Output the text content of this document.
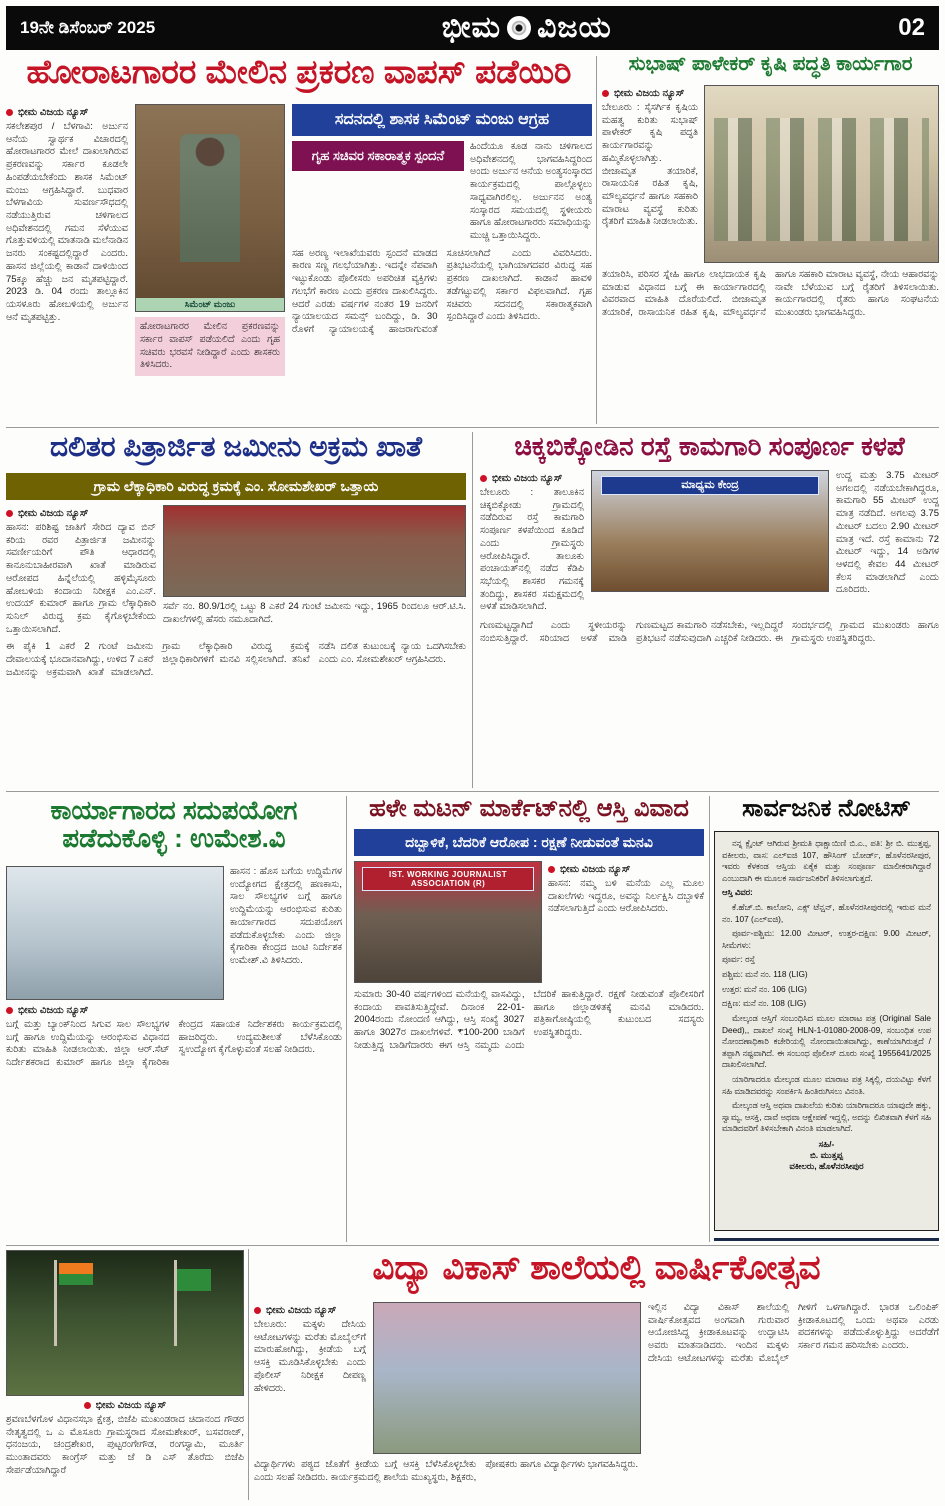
19ನೇ ಡಿಸೆಂಬರ್ 2025	ಭೀಮ ವಿಜಯ	02
ಹೋರಾಟಗಾರರ ಮೇಲಿನ ಪ್ರಕರಣ ವಾಪಸ್ ಪಡೆಯಿರಿ
ಭೀಮ ವಿಜಯ ನ್ಯೂಸ್
ಸಕಲೇಶಪುರ / ಬೆಳಗಾವಿ: ಅರ್ಜುನ ಆನೆಯ ಸ್ವಾರ್ಥಕ ವಿಚಾರದಲ್ಲಿ ಹೋರಾಟಗಾರರ ಮೇಲೆ ದಾಖಲಾಗಿರುವ ಪ್ರಕರಣವನ್ನು ಸರ್ಕಾರ ಕೂಡಲೇ ಹಿಂಪಡೆಯಬೇಕೆಂದು ಶಾಸಕ ಸಿಮೆಂಟ್ ಮಂಜು ಆಗ್ರಹಿಸಿದ್ದಾರೆ. ಬುಧವಾರ ಬೆಳಗಾವಿಯ ಸುವರ್ಣಸೌಧದಲ್ಲಿ ನಡೆಯುತ್ತಿರುವ ಚಳಿಗಾಲದ ಅಧಿವೇಶನದಲ್ಲಿ ಗಮನ ಸೆಳೆಯುವ ಗೊತ್ತುವಳಿಯಲ್ಲಿ ಮಾತನಾಡಿ ಮಲೆನಾಡಿನ ಜನರು ಸಂಕಷ್ಟದಲ್ಲಿದ್ದಾರೆ ಎಂದರು. ಹಾಸನ ಜಿಲ್ಲೆಯಲ್ಲಿ ಕಾಡಾನೆ ದಾಳಿಯಿಂದ 75ಕ್ಕೂ ಹೆಚ್ಚು ಜನ ಮೃತಪಟ್ಟಿದ್ದಾರೆ. 2023 ಡಿ. 04 ರಂದು ತಾಲ್ಲೂಕಿನ ಯಸಳೂರು ಹೋಬಳಿಯಲ್ಲಿ ಅರ್ಜುನ ಆನೆ ಮೃತಪಟ್ಟಿತ್ತು.
ಸಿಮೆಂಟ್ ಮಂಜು
ಹೋರಾಟಗಾರರ ಮೇಲಿನ ಪ್ರಕರಣವನ್ನು ಸರ್ಕಾರ ವಾಪಸ್ ಪಡೆಯಲಿದೆ ಎಂದು ಗೃಹ ಸಚಿವರು ಭರವಸೆ ನೀಡಿದ್ದಾರೆ ಎಂದು ಶಾಸಕರು ತಿಳಿಸಿದರು.
ಸದನದಲ್ಲಿ ಶಾಸಕ ಸಿಮೆಂಟ್ ಮಂಜು ಆಗ್ರಹ
ಗೃಹ ಸಚಿವರ ಸಕಾರಾತ್ಮಕ ಸ್ಪಂದನೆ
ಹಿಂದೆಯೂ ಕೂಡ ನಾನು ಚಳಿಗಾಲದ ಅಧಿವೇಶನದಲ್ಲಿ ಭಾಗವಹಿಸಿದ್ದರಿಂದ ಅಂದು ಅರ್ಜುನ ಆನೆಯ ಅಂತ್ಯಸಂಸ್ಕಾರದ ಕಾರ್ಯಕ್ರಮದಲ್ಲಿ ಪಾಲ್ಗೊಳ್ಳಲು ಸಾಧ್ಯವಾಗಿರಲಿಲ್ಲ. ಅರ್ಜುನನ ಅಂತ್ಯ ಸಂಸ್ಕಾರದ ಸಮಯದಲ್ಲಿ ಸ್ಥಳೀಯರು ಹಾಗೂ ಹೋರಾಟಗಾರರು ಸಮಾಧಿಯನ್ನು ಮುಚ್ಚಿ ಒತ್ತಾಯಿಸಿದ್ದರು.
ಸಹ ಅರಣ್ಯ ಇಲಾಖೆಯವರು ಸ್ಪಂದನೆ ಮಾಡದ ಕಾರಣ ಸಣ್ಣ ಗಲಭೆಯಾಗಿತ್ತು. ಇದನ್ನೇ ನೆಪವಾಗಿ ಇಟ್ಟುಕೊಂಡು ಪೊಲೀಸರು ಅಪರಿಚಿತ ವ್ಯಕ್ತಿಗಳು ಗಲಭೆಗೆ ಕಾರಣ ಎಂದು ಪ್ರಕರಣ ದಾಖಲಿಸಿದ್ದರು. ಆದರೆ ಎರಡು ವರ್ಷಗಳ ನಂತರ 19 ಜನರಿಗೆ ನ್ಯಾಯಾಲಯದ ಸಮನ್ಸ್ ಬಂದಿದ್ದು, ಡಿ. 30 ರೊಳಗೆ ನ್ಯಾಯಾಲಯಕ್ಕೆ ಹಾಜರಾಗುವಂತೆ ಸೂಚಿಸಲಾಗಿದೆ ಎಂದು ವಿವರಿಸಿದರು. ಪ್ರತಿಭಟನೆಯಲ್ಲಿ ಭಾಗಿಯಾಗದವರ ವಿರುದ್ಧ ಸಹ ಪ್ರಕರಣ ದಾಖಲಾಗಿದೆ. ಕಾಡಾನೆ ಹಾವಳಿ ತಡೆಗಟ್ಟುವಲ್ಲಿ ಸರ್ಕಾರ ವಿಫಲವಾಗಿದೆ. ಗೃಹ ಸಚಿವರು ಸದನದಲ್ಲಿ ಸಕಾರಾತ್ಮಕವಾಗಿ ಸ್ಪಂದಿಸಿದ್ದಾರೆ ಎಂದು ತಿಳಿಸಿದರು.
ಸುಭಾಷ್ ಪಾಳೇಕರ್ ಕೃಷಿ ಪದ್ಧತಿ ಕಾರ್ಯಗಾರ
ಭೀಮ ವಿಜಯ ನ್ಯೂಸ್
ಬೇಲೂರು : ಸೈಸರ್ಗಿಕ ಕೃಷಿಯ ಮಹತ್ವ ಕುರಿತು ಸುಭಾಷ್ ಪಾಳೇಕರ್ ಕೃಷಿ ಪದ್ಧತಿ ಕಾರ್ಯಗಾರವನ್ನು ಹಮ್ಮಿಕೊಳ್ಳಲಾಗಿತ್ತು. ಬೀಜಾಮೃತ ತಯಾರಿಕೆ, ರಾಸಾಯನಿಕ ರಹಿತ ಕೃಷಿ, ಮೌಲ್ಯವರ್ಧನೆ ಹಾಗೂ ಸಹಕಾರಿ ಮಾರಾಟ ವ್ಯವಸ್ಥೆ ಕುರಿತು ರೈತರಿಗೆ ಮಾಹಿತಿ ನೀಡಲಾಯಿತು.
ತಯಾರಿಸಿ, ಪರಿಸರ ಸ್ನೇಹಿ ಹಾಗೂ ಲಾಭದಾಯಕ ಕೃಷಿ ಮಾಡುವ ವಿಧಾನದ ಬಗ್ಗೆ ಈ ಕಾರ್ಯಾಗಾರದಲ್ಲಿ ವಿವರವಾದ ಮಾಹಿತಿ ದೊರೆಯಲಿದೆ. ಬೀಜಾಮೃತ ತಯಾರಿಕೆ, ರಾಸಾಯನಿಕ ರಹಿತ ಕೃಷಿ, ಮೌಲ್ಯವರ್ಧನೆ ಹಾಗೂ ಸಹಕಾರಿ ಮಾರಾಟ ವ್ಯವಸ್ಥೆ, ನೇಯ ಆಹಾರವನ್ನು ನಾವೇ ಬೆಳೆಯುವ ಬಗ್ಗೆ ರೈತರಿಗೆ ತಿಳಿಸಲಾಯಿತು. ಕಾರ್ಯಗಾರದಲ್ಲಿ ರೈತರು ಹಾಗೂ ಸಂಘಟನೆಯ ಮುಖಂಡರು ಭಾಗವಹಿಸಿದ್ದರು.
ದಲಿತರ ಪಿತ್ರಾರ್ಜಿತ ಜಮೀನು ಅಕ್ರಮ ಖಾತೆ
ಗ್ರಾಮ ಲೆಕ್ಕಾಧಿಕಾರಿ ವಿರುದ್ಧ ಕ್ರಮಕ್ಕೆ ಎಂ. ಸೋಮಶೇಖರ್ ಒತ್ತಾಯ
ಭೀಮ ವಿಜಯ ನ್ಯೂಸ್
ಹಾಸನ: ಪರಿಶಿಷ್ಟ ಜಾತಿಗೆ ಸೇರಿದ ದ್ಯಾವ ಬಿನ್ ಕರಿಯ ರವರ ಪಿತ್ರಾರ್ಜಿತ ಜಮೀನನ್ನು ಸವರ್ಣೀಯರಿಗೆ ಪೌತಿ ಆಧಾರದಲ್ಲಿ ಕಾನೂನುಬಾಹೀರವಾಗಿ ಖಾತೆ ಮಾಡಿರುವ ಆರೋಪದ ಹಿನ್ನೆಲೆಯಲ್ಲಿ ಹಳ್ಳಿಮೈಸೂರು ಹೋಬಳಿಯ ಕಂದಾಯ ನಿರೀಕ್ಷಕ ಎಂ.ಎನ್. ಉದಯ್ ಕುಮಾರ್ ಹಾಗೂ ಗ್ರಾಮ ಲೆಕ್ಕಾಧಿಕಾರಿ ಸುನಿಲ್ ವಿರುದ್ಧ ಕ್ರಮ ಕೈಗೊಳ್ಳಬೇಕೆಂದು ಒತ್ತಾಯಿಸಲಾಗಿದೆ.
ಸರ್ವೆ ನಂ. 80.9/1ರಲ್ಲಿ ಒಟ್ಟು 8 ಎಕರೆ 24 ಗುಂಟೆ ಜಮೀನು ಇದ್ದು, 1965 ರಿಂದಲೂ ಆರ್.ಟಿ.ಸಿ. ದಾಖಲೆಗಳಲ್ಲಿ ಹೆಸರು ನಮೂದಾಗಿದೆ.
ಈ ಪೈಕಿ 1 ಎಕರೆ 2 ಗುಂಟೆ ಜಮೀನು ದೇವಾಲಯಕ್ಕೆ ಭೂದಾನವಾಗಿದ್ದು, ಉಳಿದ 7 ಎಕರೆ ಜಮೀನನ್ನು ಅಕ್ರಮವಾಗಿ ಖಾತೆ ಮಾಡಲಾಗಿದೆ. ಗ್ರಾಮ ಲೆಕ್ಕಾಧಿಕಾರಿ ವಿರುದ್ಧ ಕ್ರಮಕ್ಕೆ ಜಿಲ್ಲಾಧಿಕಾರಿಗಳಿಗೆ ಮನವಿ ಸಲ್ಲಿಸಲಾಗಿದೆ. ತನಿಖೆ ನಡೆಸಿ ದಲಿತ ಕುಟುಂಬಕ್ಕೆ ನ್ಯಾಯ ಒದಗಿಸಬೇಕು ಎಂದು ಎಂ. ಸೋಮಶೇಖರ್ ಆಗ್ರಹಿಸಿದರು.
ಚಿಕ್ಕಬಿಕ್ಕೋಡಿನ ರಸ್ತೆ ಕಾಮಗಾರಿ ಸಂಪೂರ್ಣ ಕಳಪೆ
ಭೀಮ ವಿಜಯ ನ್ಯೂಸ್
ಬೇಲೂರು : ತಾಲೂಕಿನ ಚಿಕ್ಕಬಿಕ್ಕೋಡು ಗ್ರಾಮದಲ್ಲಿ ನಡೆದಿರುವ ರಸ್ತೆ ಕಾಮಗಾರಿ ಸಂಪೂರ್ಣ ಕಳಪೆಯಿಂದ ಕೂಡಿದೆ ಎಂದು ಗ್ರಾಮಸ್ಥರು ಆರೋಪಿಸಿದ್ದಾರೆ. ತಾಲೂಕು ಪಂಚಾಯತ್‌ನಲ್ಲಿ ನಡೆದ ಕೆಡಿಪಿ ಸಭೆಯಲ್ಲಿ ಶಾಸಕರ ಗಮನಕ್ಕೆ ತಂದಿದ್ದು, ಶಾಸಕರ ಸಮಕ್ಷಮದಲ್ಲಿ ಅಳತೆ ಮಾಡಿಸಲಾಗಿದೆ.
ಮಾಧ್ಯಮ ಕೇಂದ್ರ
ಉದ್ದ ಮತ್ತು 3.75 ಮೀಟರ್ ಅಗಲದಲ್ಲಿ ನಡೆಯಬೇಕಾಗಿದ್ದರೂ, ಕಾಮಗಾರಿ 55 ಮೀಟರ್ ಉದ್ದ ಮಾತ್ರ ನಡೆದಿದೆ. ಅಗಲವು 3.75 ಮೀಟರ್ ಬದಲು 2.90 ಮೀಟರ್ ಮಾತ್ರ ಇದೆ. ರಸ್ತೆ ಕಾಮಾನು 72 ಮೀಟರ್ ಇದ್ದು, 14 ಅಡಿಗಳ ಆಳದಲ್ಲಿ ಕೇವಲ 44 ಮೀಟರ್ ಕೆಲಸ ಮಾಡಲಾಗಿದೆ ಎಂದು ದೂರಿದರು.
ಗುಣಮಟ್ಟದ್ದಾಗಿದೆ ಎಂದು ಸ್ಥಳೀಯರನ್ನು ನಂಬಿಸುತ್ತಿದ್ದಾರೆ. ಸರಿಯಾದ ಅಳತೆ ಮಾಡಿ ಗುಣಮಟ್ಟದ ಕಾಮಗಾರಿ ನಡೆಸಬೇಕು, ಇಲ್ಲದಿದ್ದರೆ ಪ್ರತಿಭಟನೆ ನಡೆಸುವುದಾಗಿ ಎಚ್ಚರಿಕೆ ನೀಡಿದರು. ಈ ಸಂದರ್ಭದಲ್ಲಿ ಗ್ರಾಮದ ಮುಖಂಡರು ಹಾಗೂ ಗ್ರಾಮಸ್ಥರು ಉಪಸ್ಥಿತರಿದ್ದರು.
ಕಾರ್ಯಾಗಾರದ ಸದುಪಯೋಗ ಪಡೆದುಕೊಳ್ಳಿ : ಉಮೇಶ.ವಿ
ಹಾಸನ : ಹೊಸ ಬಗೆಯ ಉದ್ದಿಮೆಗಳ ಉದ್ಯೋಗದ ಕ್ಷೇತ್ರದಲ್ಲಿ ಹಣಕಾಸು, ಸಾಲ ಸೌಲಭ್ಯಗಳ ಬಗ್ಗೆ ಹಾಗೂ ಉದ್ದಿಮೆಯನ್ನು ಆರಂಭಿಸುವ ಕುರಿತು ಕಾರ್ಯಾಗಾರದ ಸದುಪಯೋಗ ಪಡೆದುಕೊಳ್ಳಬೇಕು ಎಂದು ಜಿಲ್ಲಾ ಕೈಗಾರಿಕಾ ಕೇಂದ್ರದ ಜಂಟಿ ನಿರ್ದೇಶಕ ಉಮೇಶ್.ವಿ ತಿಳಿಸಿದರು.
ಭೀಮ ವಿಜಯ ನ್ಯೂಸ್
ಬಗ್ಗೆ ಮತ್ತು ಬ್ಯಾಂಕ್‌ನಿಂದ ಸಿಗುವ ಸಾಲ ಸೌಲಭ್ಯಗಳ ಬಗ್ಗೆ ಹಾಗೂ ಉದ್ದಿಮೆಯನ್ನು ಆರಂಭಿಸುವ ವಿಧಾನದ ಕುರಿತು ಮಾಹಿತಿ ನೀಡಲಾಯಿತು. ಜಿಲ್ಲಾ ಆರ್.ಸೆಟ್ ನಿರ್ದೇಶಕರಾದ ಕುಮಾರ್ ಹಾಗೂ ಜಿಲ್ಲಾ ಕೈಗಾರಿಕಾ ಕೇಂದ್ರದ ಸಹಾಯಕ ನಿರ್ದೇಶಕರು ಕಾರ್ಯಕ್ರಮದಲ್ಲಿ ಹಾಜರಿದ್ದರು. ಉದ್ಯಮಶೀಲತೆ ಬೆಳೆಸಿಕೊಂಡು ಸ್ವಉದ್ಯೋಗ ಕೈಗೊಳ್ಳುವಂತೆ ಸಲಹೆ ನೀಡಿದರು.
ಹಳೇ ಮಟನ್ ಮಾರ್ಕೆಟ್‌ನಲ್ಲಿ ಆಸ್ತಿ ವಿವಾದ
ದಬ್ಬಾಳಿಕೆ, ಬೆದರಿಕೆ ಆರೋಪ : ರಕ್ಷಣೆ ನೀಡುವಂತೆ ಮನವಿ
IST. WORKING JOURNALIST ASSOCIATION (R)
ಭೀಮ ವಿಜಯ ನ್ಯೂಸ್
ಹಾಸನ: ನಮ್ಮ ಬಳಿ ಮನೆಯ ಎಲ್ಲ ಮೂಲ ದಾಖಲೆಗಳು ಇದ್ದರೂ, ಅವನ್ನು ನಿರ್ಲಕ್ಷಿಸಿ ದಬ್ಬಾಳಿಕೆ ನಡೆಸಲಾಗುತ್ತಿದೆ ಎಂದು ಆರೋಪಿಸಿದರು.
ಸುಮಾರು 30-40 ವರ್ಷಗಳಿಂದ ಮನೆಯಲ್ಲಿ ವಾಸವಿದ್ದು, ಕಂದಾಯ ಪಾವತಿಸುತ್ತಿದ್ದೇವೆ. ದಿನಾಂಕ 22-01-2004ರಂದು ನೋಂದಣಿ ಆಗಿದ್ದು, ಆಸ್ತಿ ಸಂಖ್ಯೆ 3027 ಹಾಗೂ 3027ರ ದಾಖಲೆಗಳಿವೆ. ₹100-200 ಬಾಡಿಗೆ ನೀಡುತ್ತಿದ್ದ ಬಾಡಿಗೆದಾರರು ಈಗ ಆಸ್ತಿ ನಮ್ಮದು ಎಂದು ಬೆದರಿಕೆ ಹಾಕುತ್ತಿದ್ದಾರೆ. ರಕ್ಷಣೆ ನೀಡುವಂತೆ ಪೊಲೀಸರಿಗೆ ಹಾಗೂ ಜಿಲ್ಲಾಡಳಿತಕ್ಕೆ ಮನವಿ ಮಾಡಿದರು. ಪತ್ರಿಕಾಗೋಷ್ಠಿಯಲ್ಲಿ ಕುಟುಂಬದ ಸದಸ್ಯರು ಉಪಸ್ಥಿತರಿದ್ದರು.
ಸಾರ್ವಜನಿಕ ನೋಟಿಸ್

ನನ್ನ ಕ್ಲೈಂಟ್ ಆಗಿರುವ ಶ್ರೀಮತಿ ಧಾಕ್ಷಾಯಿಣಿ ಬಿ.ಎ., ಪತಿ: ಶ್ರೀ ಬಿ. ಮುತ್ತಪ್ಪ, ವಕೀಲರು, ವಾಸ: ಎಲ್‌ಐಜಿ 107, ಹೌಸಿಂಗ್ ಬೋರ್ಡ್, ಹೊಳೆನರಸೀಪುರ, ಇವರು ಕೆಳಕಂಡ ಆಸ್ತಿಯ ಏಕೈಕ ಮತ್ತು ಸಂಪೂರ್ಣ ಮಾಲೀಕರಾಗಿದ್ದಾರೆ ಎಂಬುದಾಗಿ ಈ ಮೂಲಕ ಸಾರ್ವಜನಿಕರಿಗೆ ತಿಳಿಸಲಾಗುತ್ತದೆ.

ಆಸ್ತಿ ವಿವರ:

ಕೆ.ಹೆಚ್.ಬಿ. ಕಾಲೋನಿ, ಎಕ್ಸ್ ಟೆನ್ಷನ್, ಹೊಳೆನರಸೀಪುರದಲ್ಲಿ ಇರುವ ಮನೆ ನಂ. 107 (ಎಲ್‌ಐಜಿ),

ಪೂರ್ವ-ಪಶ್ಚಿಮ: 12.00 ಮೀಟರ್, ಉತ್ತರ-ದಕ್ಷಿಣ: 9.00 ಮೀಟರ್, ಸೀಮೆಗಳು:

ಪೂರ್ವ: ರಸ್ತೆ

ಪಶ್ಚಿಮ: ಮನೆ ನಂ. 118 (LIG)

ಉತ್ತರ: ಮನೆ ನಂ. 106 (LIG)

ದಕ್ಷಿಣ: ಮನೆ ನಂ. 108 (LIG)

ಮೇಲ್ಕಂಡ ಆಸ್ತಿಗೆ ಸಂಬಂಧಿಸಿದ ಮೂಲ ಮಾರಾಟ ಪತ್ರ (Original Sale Deed),, ದಾಖಲೆ ಸಂಖ್ಯೆ HLN-1-01080-2008-09, ಸಂಬಂಧಿತ ಉಪ ನೋಂದಣಾಧಿಕಾರಿ ಕಚೇರಿಯಲ್ಲಿ ನೋಂದಾಯಿತವಾಗಿದ್ದು, ಕಾಣೆಯಾಗಿರುತ್ತದೆ / ತಪ್ಪಾಗಿ ನಷ್ಟವಾಗಿದೆ. ಈ ಸಂಬಂಧ ಪೊಲೀಸ್ ದೂರು ಸಂಖ್ಯೆ 1955641/2025 ದಾಖಲಿಸಲಾಗಿದೆ.

ಯಾರಿಗಾದರೂ ಮೇಲ್ಕಂಡ ಮೂಲ ಮಾರಾಟ ಪತ್ರ ಸಿಕ್ಕಲ್ಲಿ, ದಯವಿಟ್ಟು ಕೆಳಗೆ ಸಹಿ ಮಾಡಿದವರನ್ನು ಸಂಪರ್ಕಿಸಿ ಹಿಂತಿರುಗಿಸಲು ವಿನಂತಿ.

ಮೇಲ್ಕಂಡ ಆಸ್ತಿ ಅಥವಾ ದಾಖಲೆಯ ಕುರಿತು ಯಾರಿಗಾದರೂ ಯಾವುದೇ ಹಕ್ಕು, ಸ್ವಾಮ್ಯ, ಆಸಕ್ತಿ, ದಾವೆ ಅಥವಾ ಆಕ್ಷೇಪಣೆ ಇದ್ದಲ್ಲಿ, ಅದನ್ನು ಲಿಖಿತವಾಗಿ ಕೆಳಗೆ ಸಹಿ ಮಾಡಿದವರಿಗೆ ತಿಳಿಸಬೇಕಾಗಿ ವಿನಂತಿ ಮಾಡಲಾಗಿದೆ.

ಸಹಿ/-
ಬಿ. ಮುತ್ತಪ್ಪ
ವಕೀಲರು, ಹೊಳೆನರಸೀಪುರ
ಭೀಮ ವಿಜಯ ನ್ಯೂಸ್
ಶ್ರವಣಬೆಳಗೊಳ ವಿಧಾನಸಭಾ ಕ್ಷೇತ್ರ, ಬಿಜೆಪಿ ಮುಖಂಡರಾದ ಚಿದಾನಂದ ಗೌಡರ ನೇತೃತ್ವದಲ್ಲಿ ಒ ಎ ಮೊಸೂರು ಗ್ರಾಮಸ್ಥರಾದ ಸೋಮಶೇಖರ್, ಬಸವರಾಜ್, ಧನಂಜಯ, ಚಂದ್ರಶೇಖರ, ಪುಟ್ಟರಂಗೇಗೌಡ, ರಂಗಸ್ವಾಮಿ, ಮೂರ್ತಿ ಮುಂತಾದವರು ಕಾಂಗ್ರೆಸ್ ಮತ್ತು ಜೆ ಡಿ ಎಸ್ ತೊರೆದು ಬಿಜೆಪಿ ಸೇರ್ಪಡೆಯಾಗಿದ್ದಾರೆ
ವಿದ್ಯಾ ವಿಕಾಸ್ ಶಾಲೆಯಲ್ಲಿ ವಾರ್ಷಿಕೋತ್ಸವ
ಭೀಮ ವಿಜಯ ನ್ಯೂಸ್
ಬೇಲೂರು: ಮಕ್ಕಳು ದೇಸಿಯ ಆಟೋಟಗಳನ್ನು ಮರೆತು ಮೊಬೈಲ್‌ಗೆ ಮಾರುಹೋಗಿದ್ದು, ಕ್ರೀಡೆಯ ಬಗ್ಗೆ ಆಸಕ್ತಿ ಮೂಡಿಸಿಕೊಳ್ಳಬೇಕು ಎಂದು ಪೊಲೀಸ್ ನಿರೀಕ್ಷಕ ದೀಪಣ್ಣ ಹೇಳಿದರು.
ಇಲ್ಲಿನ ವಿದ್ಯಾ ವಿಕಾಸ್ ಶಾಲೆಯಲ್ಲಿ ವಾರ್ಷಿಕೋತ್ಸವದ ಅಂಗವಾಗಿ ಗುರುವಾರ ಆಯೋಜಿಸಿದ್ದ ಕ್ರೀಡಾಕೂಟವನ್ನು ಉದ್ಘಾಟಿಸಿ ಅವರು ಮಾತನಾಡಿದರು. ಇಂದಿನ ಮಕ್ಕಳು ದೇಸಿಯ ಆಟೋಟಗಳನ್ನು ಮರೆತು ಮೊಬೈಲ್ ಗೀಳಿಗೆ ಒಳಗಾಗಿದ್ದಾರೆ. ಭಾರತ ಒಲಿಂಪಿಕ್ ಕ್ರೀಡಾಕೂಟದಲ್ಲಿ ಒಂದು ಅಥವಾ ಎರಡು ಪದಕಗಳನ್ನು ಪಡೆದುಕೊಳ್ಳುತ್ತಿದ್ದು ಅದರೆಡೆಗೆ ಸರ್ಕಾರ ಗಮನ ಹರಿಸಬೇಕು ಎಂದರು.
ವಿದ್ಯಾರ್ಥಿಗಳು ಪಠ್ಯದ ಜೊತೆಗೆ ಕ್ರೀಡೆಯ ಬಗ್ಗೆ ಆಸಕ್ತಿ ಬೆಳೆಸಿಕೊಳ್ಳಬೇಕು ಎಂದು ಸಲಹೆ ನೀಡಿದರು. ಕಾರ್ಯಕ್ರಮದಲ್ಲಿ ಶಾಲೆಯ ಮುಖ್ಯಸ್ಥರು, ಶಿಕ್ಷಕರು, ಪೋಷಕರು ಹಾಗೂ ವಿದ್ಯಾರ್ಥಿಗಳು ಭಾಗವಹಿಸಿದ್ದರು.
